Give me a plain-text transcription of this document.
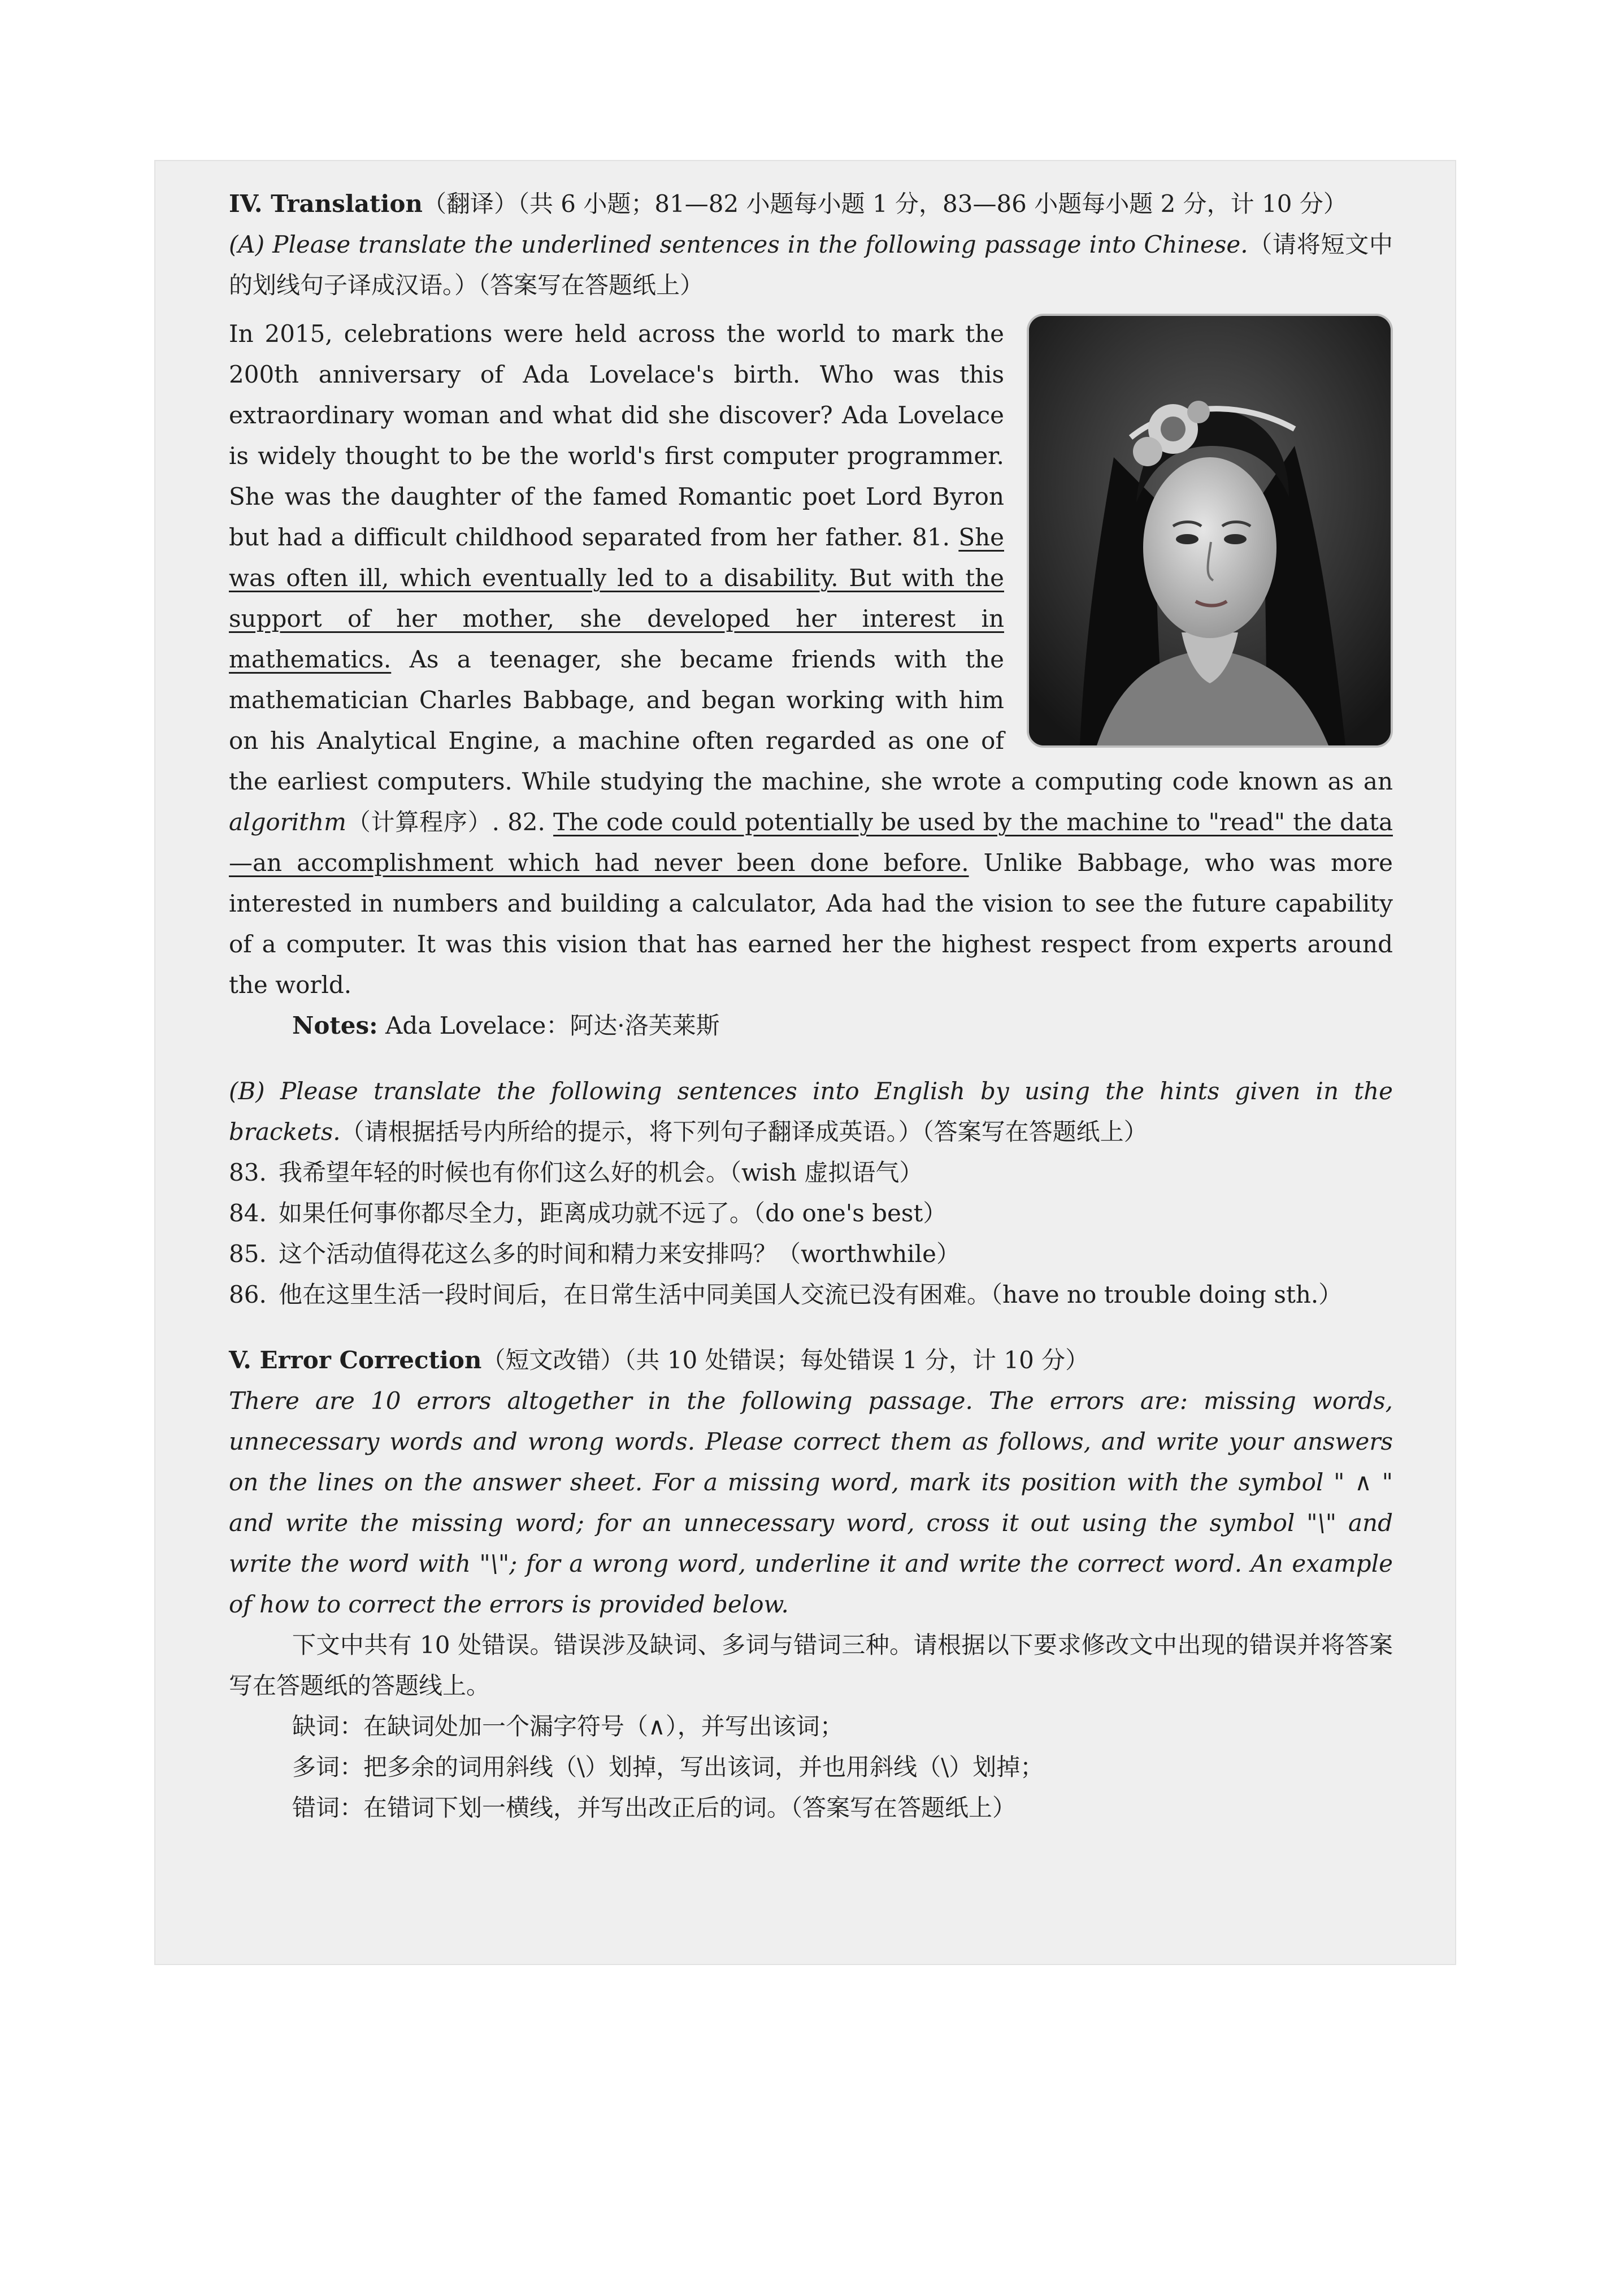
IV. Translation（翻译）（共 6 小题；81—82 小题每小题 1 分，83—86 小题每小题 2 分，计 10 分）

(A) Please translate the underlined sentences in the following passage into Chinese.（请将短文中的划线句子译成汉语。）（答案写在答题纸上）

In 2015, celebrations were held across the world to mark the 200th anniversary of Ada Lovelace's birth. Who was this extraordinary woman and what did she discover? Ada Lovelace is widely thought to be the world's first computer programmer. She was the daughter of the famed Romantic poet Lord Byron but had a difficult childhood separated from her father. 81. She was often ill, which eventually led to a disability. But with the support of her mother, she developed her interest in mathematics. As a teenager, she became friends with the mathematician Charles Babbage, and began working with him on his Analytical Engine, a machine often regarded as one of the earliest computers. While studying the machine, she wrote a computing code known as an algorithm（计算程序）. 82. The code could potentially be used by the machine to "read" the data—an accomplishment which had never been done before. Unlike Babbage, who was more interested in numbers and building a calculator, Ada had the vision to see the future capability of a computer. It was this vision that has earned her the highest respect from experts around the world.

Notes: Ada Lovelace：阿达·洛芙莱斯

(B) Please translate the following sentences into English by using the hints given in the brackets.（请根据括号内所给的提示，将下列句子翻译成英语。）（答案写在答题纸上）

83. 我希望年轻的时候也有你们这么好的机会。（wish 虚拟语气）

84. 如果任何事你都尽全力，距离成功就不远了。（do one's best）

85. 这个活动值得花这么多的时间和精力来安排吗？（worthwhile）

86. 他在这里生活一段时间后，在日常生活中同美国人交流已没有困难。（have no trouble doing sth.）

V. Error Correction（短文改错）（共 10 处错误；每处错误 1 分，计 10 分）

There are 10 errors altogether in the following passage. The errors are: missing words, unnecessary words and wrong words. Please correct them as follows, and write your answers on the lines on the answer sheet. For a missing word, mark its position with the symbol " ∧ " and write the missing word; for an unnecessary word, cross it out using the symbol "\" and write the word with "\"; for a wrong word, underline it and write the correct word. An example of how to correct the errors is provided below.

下文中共有 10 处错误。错误涉及缺词、多词与错词三种。请根据以下要求修改文中出现的错误并将答案写在答题纸的答题线上。

缺词：在缺词处加一个漏字符号（∧），并写出该词；

多词：把多余的词用斜线（\）划掉，写出该词，并也用斜线（\）划掉；

错词：在错词下划一横线，并写出改正后的词。（答案写在答题纸上）
